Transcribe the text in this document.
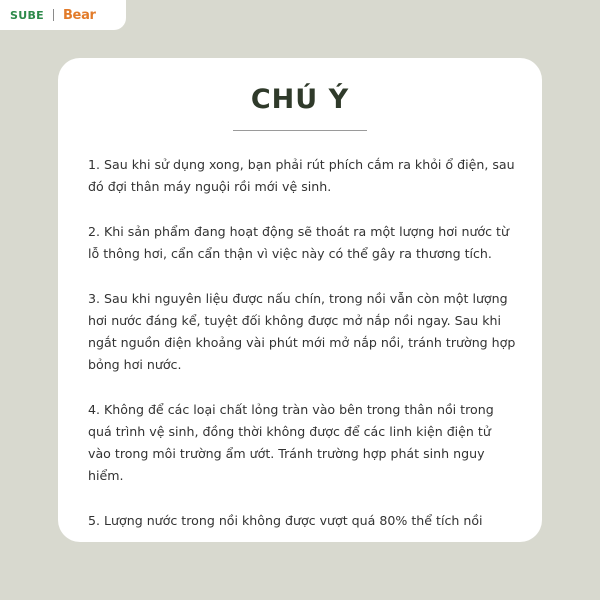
SUBE Bear
CHÚ Ý
1. Sau khi sử dụng xong, bạn phải rút phích cắm ra khỏi ổ điện, sau đó đợi thân máy nguội rồi mới vệ sinh.
2. Khi sản phẩm đang hoạt động sẽ thoát ra một lượng hơi nước từ lỗ thông hơi, cẩn cẩn thận vì việc này có thể gây ra thương tích.
3. Sau khi nguyên liệu được nấu chín, trong nồi vẫn còn một lượng hơi nước đáng kể, tuyệt đối không được mở nắp nồi ngay. Sau khi ngắt nguồn điện khoảng vài phút mới mở nắp nồi, tránh trường hợp bỏng hơi nước.
4. Không để các loại chất lỏng tràn vào bên trong thân nồi trong quá trình vệ sinh, đồng thời không được để các linh kiện điện tử vào trong môi trường ẩm ướt. Tránh trường hợp phát sinh nguy hiểm.
5. Lượng nước trong nồi không được vượt quá 80% thể tích nồi
